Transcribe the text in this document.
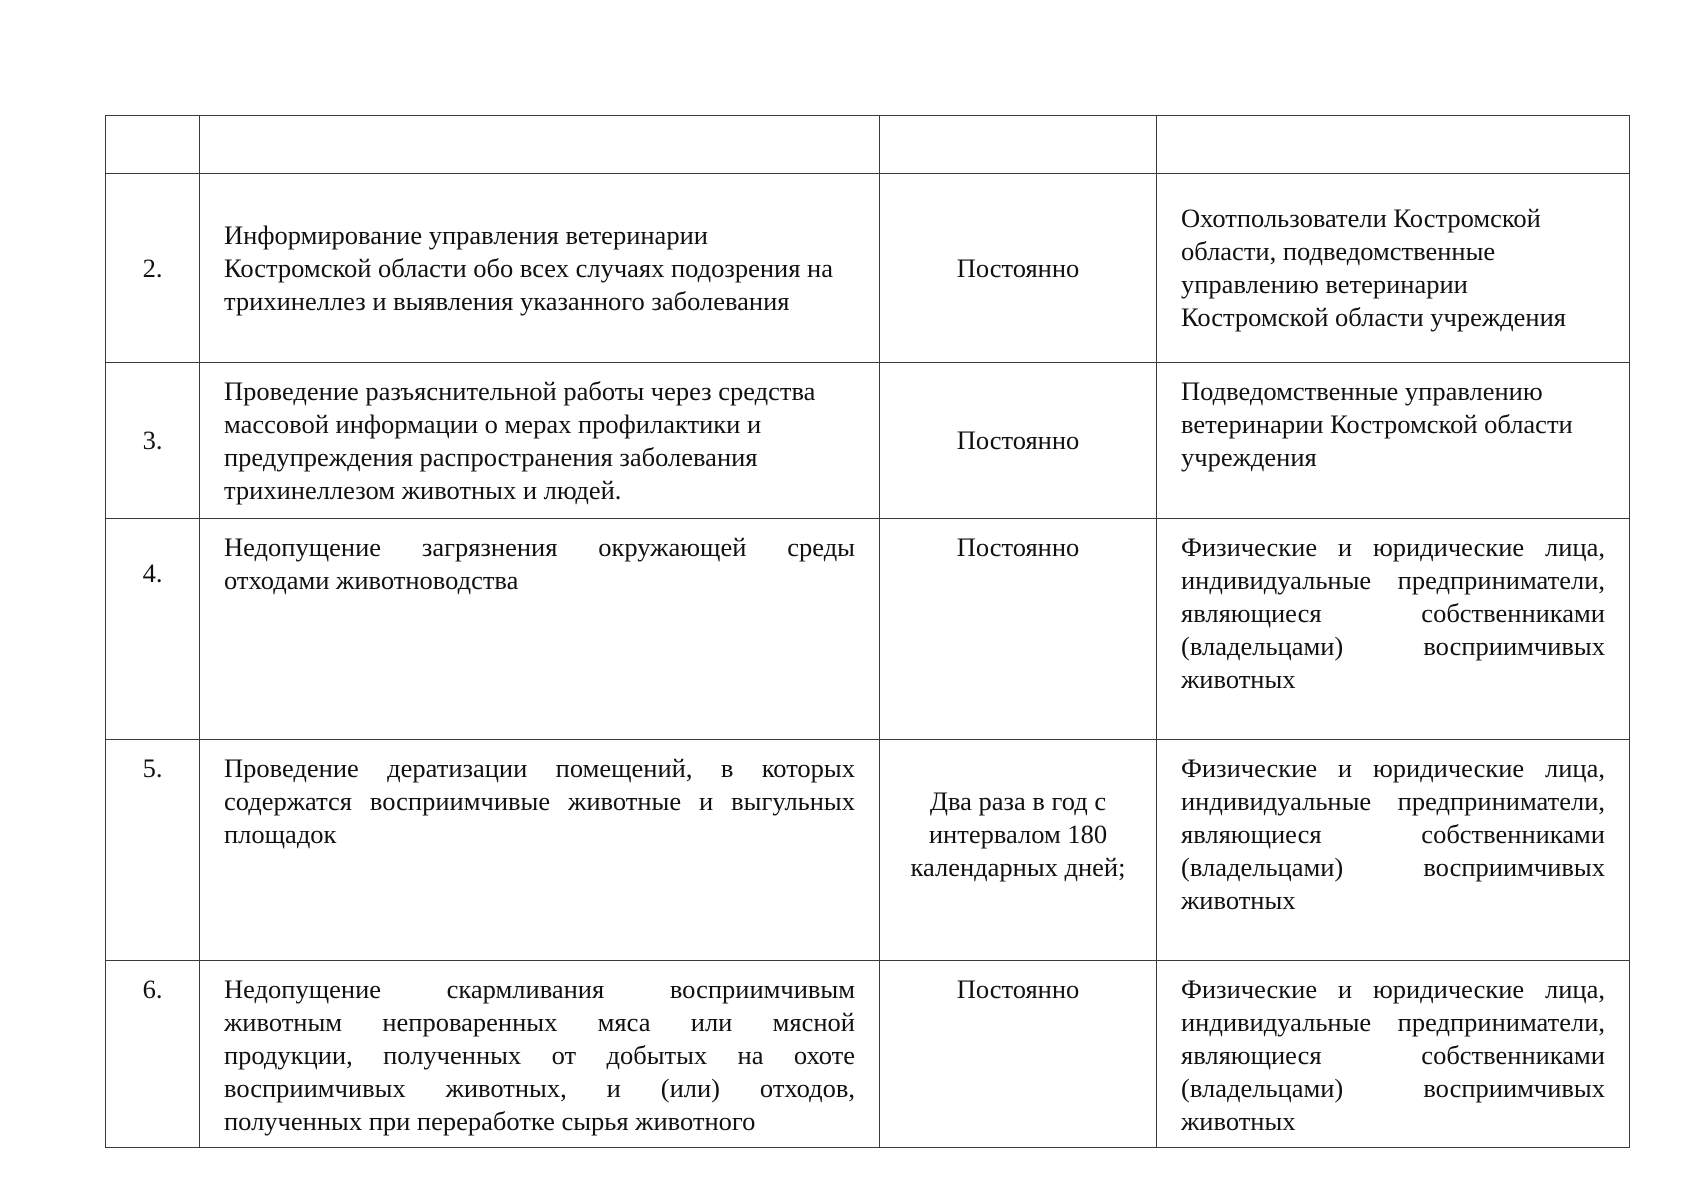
2.	Информирование управления ветеринарии Костромской области обо всех случаях подозрения на трихинеллез и выявления указанного заболевания	Постоянно	Охотпользователи Костромской области, подведомственные управлению ветеринарии Костромской области учреждения

3.	Проведение разъяснительной работы через средства массовой информации о мерах профилактики и предупреждения распространения заболевания трихинеллезом животных и людей.	Постоянно	Подведомственные управлению ветеринарии Костромской области учреждения

4.	Недопущение загрязнения окружающей среды отходами животноводства	Постоянно	Физические и юридические лица, индивидуальные предприниматели, являющиеся собственниками (владельцами) восприимчивых животных

5.	Проведение дератизации помещений, в которых содержатся восприимчивые животные и выгульных площадок	Два раза в год с интервалом 180 календарных дней;	Физические и юридические лица, индивидуальные предприниматели, являющиеся собственниками (владельцами) восприимчивых животных

6.	Недопущение скармливания восприимчивым животным непроваренных мяса или мясной продукции, полученных от добытых на охоте восприимчивых животных, и (или) отходов, полученных при переработке сырья животного	Постоянно	Физические и юридические лица, индивидуальные предприниматели, являющиеся собственниками (владельцами) восприимчивых животных
